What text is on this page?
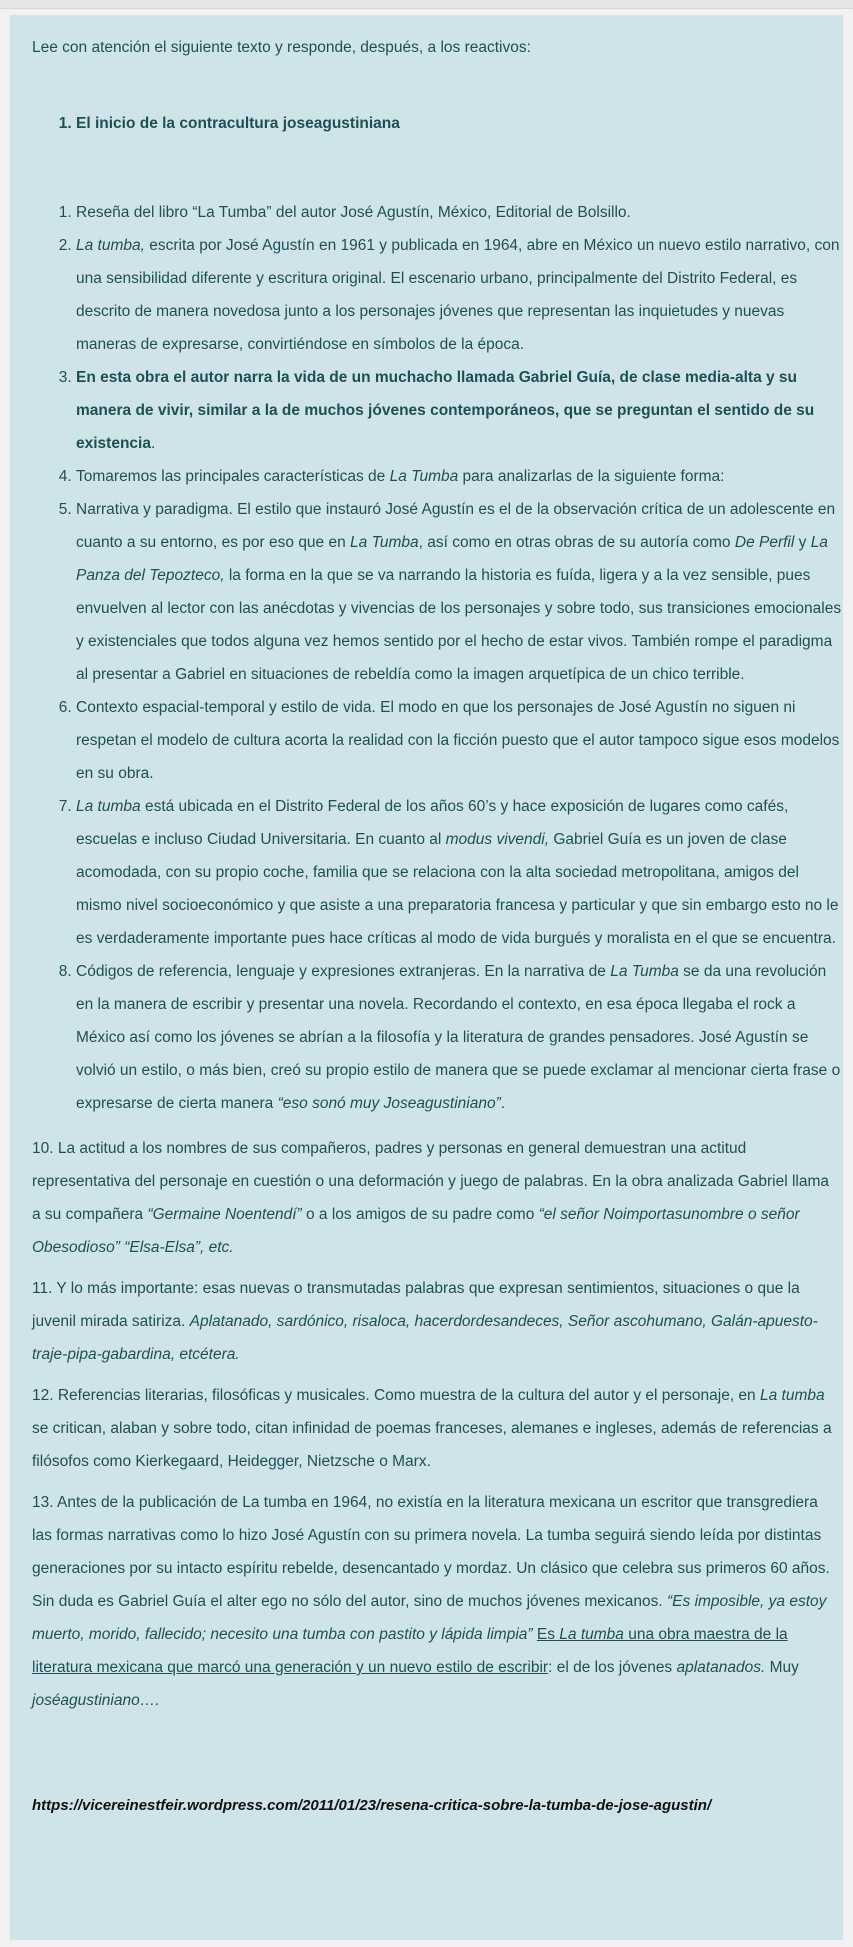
Lee con atención el siguiente texto y responde, después, a los reactivos:

1. El inicio de la contracultura joseagustiniana
1. Reseña del libro “La Tumba” del autor José Agustín, México, Editorial de Bolsillo.
2. La tumba, escrita por José Agustín en 1961 y publicada en 1964, abre en México un nuevo estilo narrativo, con una sensibilidad diferente y escritura original. El escenario urbano, principalmente del Distrito Federal, es descrito de manera novedosa junto a los personajes jóvenes que representan las inquietudes y nuevas maneras de expresarse, convirtiéndose en símbolos de la época.
3. En esta obra el autor narra la vida de un muchacho llamada Gabriel Guía, de clase media-alta y su manera de vivir, similar a la de muchos jóvenes contemporáneos, que se preguntan el sentido de su existencia.
4. Tomaremos las principales características de La Tumba para analizarlas de la siguiente forma:
5. Narrativa y paradigma. El estilo que instauró José Agustín es el de la observación crítica de un adolescente en cuanto a su entorno, es por eso que en La Tumba, así como en otras obras de su autoría como De Perfil y La Panza del Tepozteco, la forma en la que se va narrando la historia es fuída, ligera y a la vez sensible, pues envuelven al lector con las anécdotas y vivencias de los personajes y sobre todo, sus transiciones emocionales y existenciales que todos alguna vez hemos sentido por el hecho de estar vivos. También rompe el paradigma al presentar a Gabriel en situaciones de rebeldía como la imagen arquetípica de un chico terrible.
6. Contexto espacial-temporal y estilo de vida. El modo en que los personajes de José Agustín no siguen ni respetan el modelo de cultura acorta la realidad con la ficción puesto que el autor tampoco sigue esos modelos en su obra.
7. La tumba está ubicada en el Distrito Federal de los años 60’s y hace exposición de lugares como cafés, escuelas e incluso Ciudad Universitaria. En cuanto al modus vivendi, Gabriel Guía es un joven de clase acomodada, con su propio coche, familia que se relaciona con la alta sociedad metropolitana, amigos del mismo nivel socioeconómico y que asiste a una preparatoria francesa y particular y que sin embargo esto no le es verdaderamente importante pues hace críticas al modo de vida burgués y moralista en el que se encuentra.
8. Códigos de referencia, lenguaje y expresiones extranjeras. En la narrativa de La Tumba se da una revolución en la manera de escribir y presentar una novela. Recordando el contexto, en esa época llegaba el rock a México así como los jóvenes se abrían a la filosofía y la literatura de grandes pensadores. José Agustín se volvió un estilo, o más bien, creó su propio estilo de manera que se puede exclamar al mencionar cierta frase o expresarse de cierta manera “eso sonó muy Joseagustiniano”.

10. La actitud a los nombres de sus compañeros, padres y personas en general demuestran una actitud representativa del personaje en cuestión o una deformación y juego de palabras. En la obra analizada Gabriel llama a su compañera “Germaine Noentendí” o a los amigos de su padre como “el señor Noimportasunombre o señor Obesodioso” “Elsa-Elsa”, etc.

11. Y lo más importante: esas nuevas o transmutadas palabras que expresan sentimientos, situaciones o que la juvenil mirada satiriza. Aplatanado, sardónico, risaloca, hacerdordesandeces, Señor ascohumano, Galán-apuesto-traje-pipa-gabardina, etcétera.

12. Referencias literarias, filosóficas y musicales. Como muestra de la cultura del autor y el personaje, en La tumba se critican, alaban y sobre todo, citan infinidad de poemas franceses, alemanes e ingleses, además de referencias a filósofos como Kierkegaard, Heidegger, Nietzsche o Marx.

13. Antes de la publicación de La tumba en 1964, no existía en la literatura mexicana un escritor que transgrediera las formas narrativas como lo hizo José Agustín con su primera novela. La tumba seguirá siendo leída por distintas generaciones por su intacto espíritu rebelde, desencantado y mordaz. Un clásico que celebra sus primeros 60 años. Sin duda es Gabriel Guía el alter ego no sólo del autor, sino de muchos jóvenes mexicanos. “Es imposible, ya estoy muerto, morido, fallecido; necesito una tumba con pastito y lápida limpia” Es La tumba una obra maestra de la literatura mexicana que marcó una generación y un nuevo estilo de escribir: el de los jóvenes aplatanados. Muy joséagustiniano….

https://vicereinestfeir.wordpress.com/2011/01/23/resena-critica-sobre-la-tumba-de-jose-agustin/
